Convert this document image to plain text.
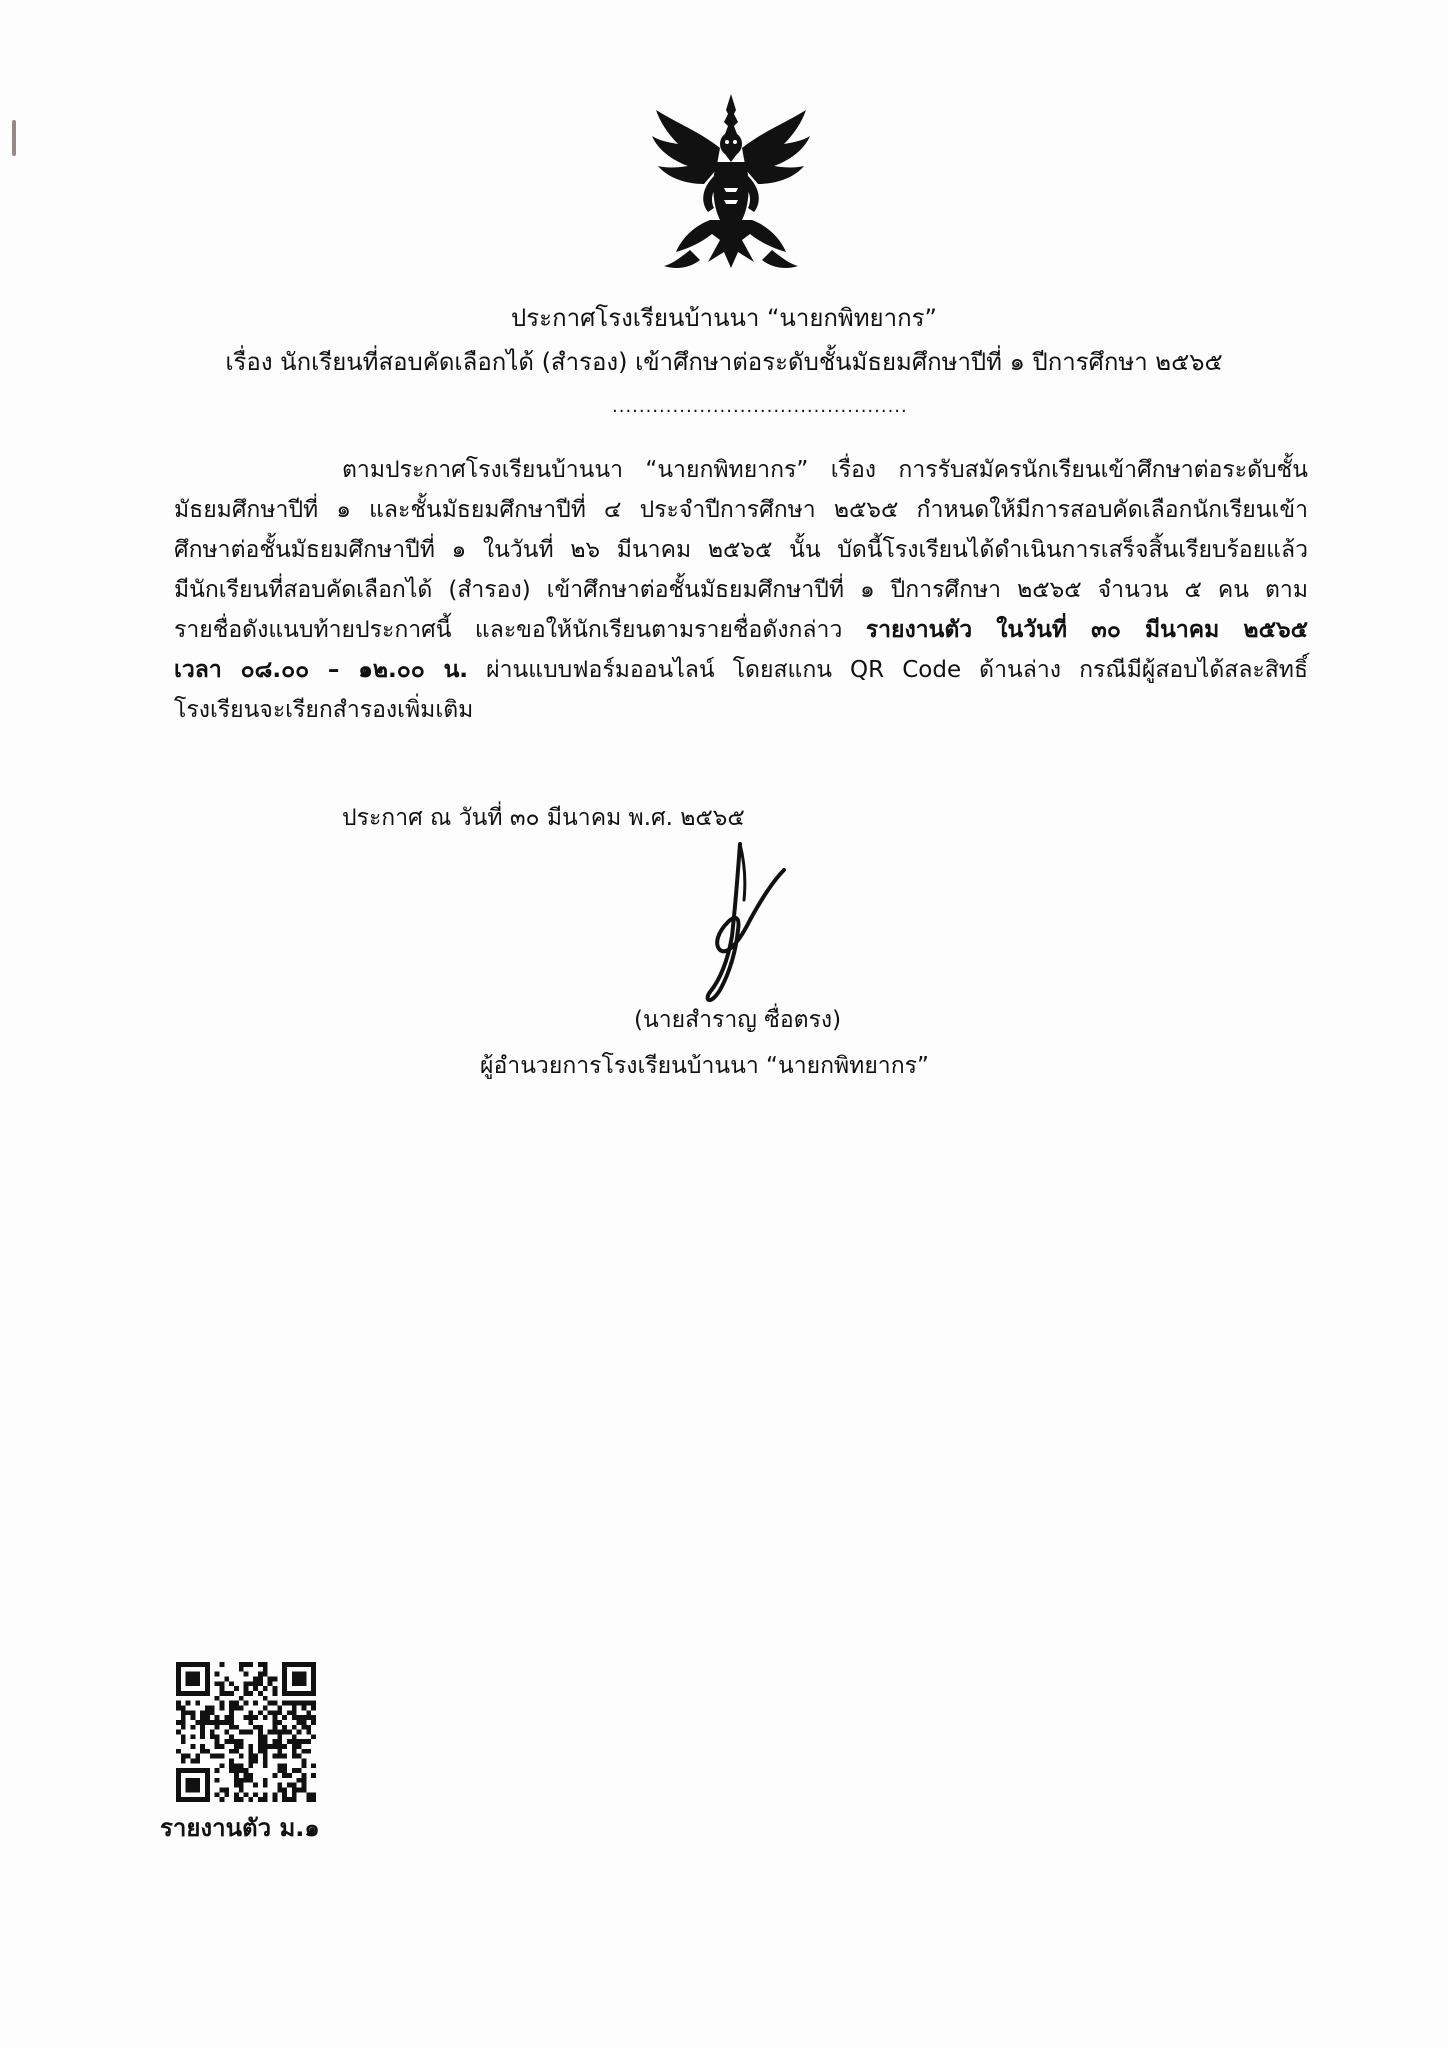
ประกาศโรงเรียนบ้านนา “นายกพิทยากร”
เรื่อง นักเรียนที่สอบคัดเลือกได้ (สำรอง) เข้าศึกษาต่อระดับชั้นมัธยมศึกษาปีที่ ๑ ปีการศึกษา ๒๕๖๕
............................................
ตามประกาศโรงเรียนบ้านนา “นายกพิทยากร” เรื่อง การรับสมัครนักเรียนเข้าศึกษาต่อระดับชั้น
มัธยมศึกษาปีที่ ๑ และชั้นมัธยมศึกษาปีที่ ๔ ประจำปีการศึกษา ๒๕๖๕ กำหนดให้มีการสอบคัดเลือกนักเรียนเข้า
ศึกษาต่อชั้นมัธยมศึกษาปีที่ ๑ ในวันที่ ๒๖ มีนาคม ๒๕๖๕ นั้น บัดนี้โรงเรียนได้ดำเนินการเสร็จสิ้นเรียบร้อยแล้ว
มีนักเรียนที่สอบคัดเลือกได้ (สำรอง) เข้าศึกษาต่อชั้นมัธยมศึกษาปีที่ ๑ ปีการศึกษา ๒๕๖๕ จำนวน ๕ คน ตาม
รายชื่อดังแนบท้ายประกาศนี้ และขอให้นักเรียนตามรายชื่อดังกล่าว รายงานตัว ในวันที่ ๓๐ มีนาคม ๒๕๖๕
เวลา ๐๘.๐๐ – ๑๒.๐๐ น. ผ่านแบบฟอร์มออนไลน์ โดยสแกน QR Code ด้านล่าง กรณีมีผู้สอบได้สละสิทธิ์
โรงเรียนจะเรียกสำรองเพิ่มเติม
ประกาศ ณ วันที่ ๓๐ มีนาคม พ.ศ. ๒๕๖๕
(นายสำราญ ซื่อตรง)
ผู้อำนวยการโรงเรียนบ้านนา “นายกพิทยากร”
รายงานตัว ม.๑
